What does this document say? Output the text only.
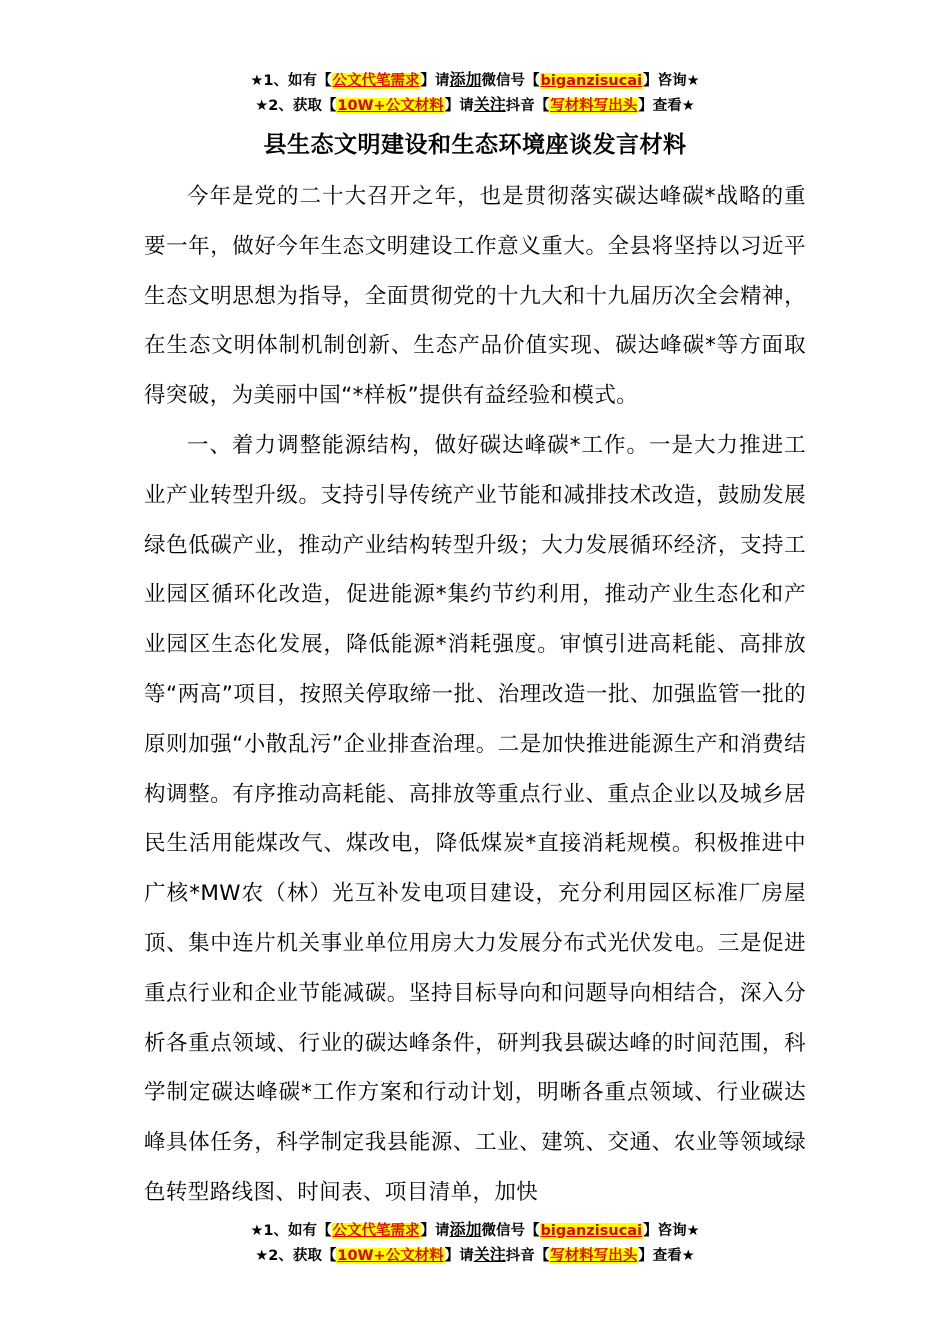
★1、如有【公文代笔需求】请添加微信号【biganzisucai】咨询★
★2、获取【10W+公文材料】请关注抖音【写材料写出头】查看★
县生态文明建设和生态环境座谈发言材料

今年是党的二十大召开之年，也是贯彻落实碳达峰碳*战略的重要一年，做好今年生态文明建设工作意义重大。全县将坚持以习近平生态文明思想为指导，全面贯彻党的十九大和十九届历次全会精神，在生态文明体制机制创新、生态产品价值实现、碳达峰碳*等方面取得突破，为美丽中国“*样板”提供有益经验和模式。

一、着力调整能源结构，做好碳达峰碳*工作。一是大力推进工业产业转型升级。支持引导传统产业节能和减排技术改造，鼓励发展绿色低碳产业，推动产业结构转型升级；大力发展循环经济，支持工业园区循环化改造，促进能源*集约节约利用，推动产业生态化和产业园区生态化发展，降低能源*消耗强度。审慎引进高耗能、高排放等“两高”项目，按照关停取缔一批、治理改造一批、加强监管一批的原则加强“小散乱污”企业排查治理。二是加快推进能源生产和消费结构调整。有序推动高耗能、高排放等重点行业、重点企业以及城乡居民生活用能煤改气、煤改电，降低煤炭*直接消耗规模。积极推进中广核*MW农（林）光互补发电项目建设，充分利用园区标准厂房屋顶、集中连片机关事业单位用房大力发展分布式光伏发电。三是促进重点行业和企业节能减碳。坚持目标导向和问题导向相结合，深入分析各重点领域、行业的碳达峰条件，研判我县碳达峰的时间范围，科学制定碳达峰碳*工作方案和行动计划，明晰各重点领域、行业碳达峰具体任务，科学制定我县能源、工业、建筑、交通、农业等领域绿色转型路线图、时间表、项目清单，加快

★1、如有【公文代笔需求】请添加微信号【biganzisucai】咨询★
★2、获取【10W+公文材料】请关注抖音【写材料写出头】查看★
